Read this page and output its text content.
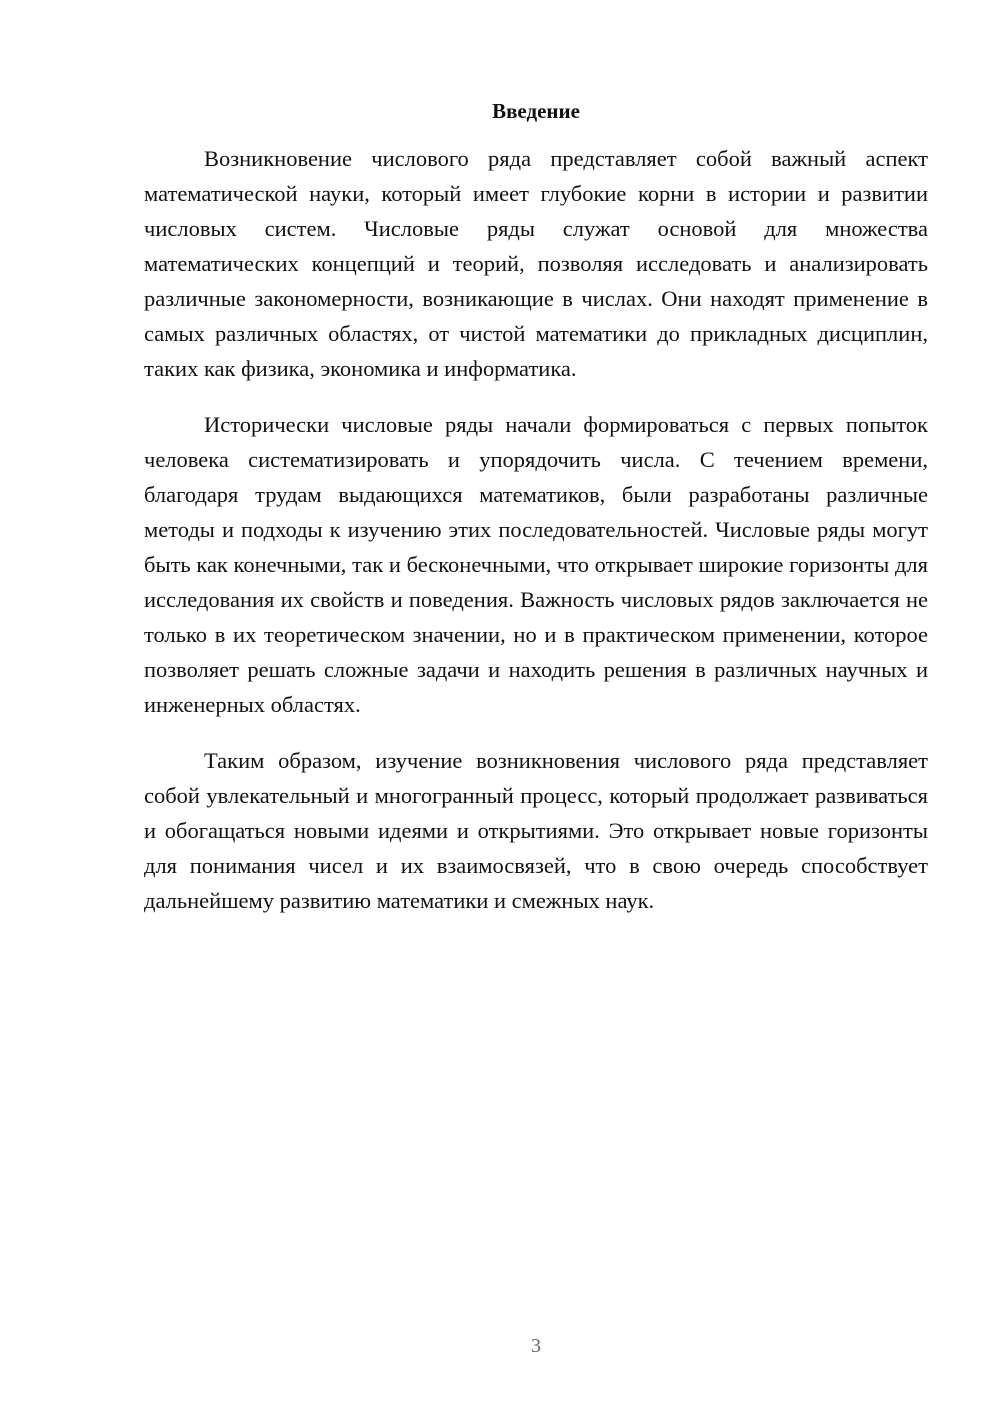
Введение

Возникновение числового ряда представляет собой важный аспект математической науки, который имеет глубокие корни в истории и развитии числовых систем. Числовые ряды служат основой для множества математических концепций и теорий, позволяя исследовать и анализировать различные закономерности, возникающие в числах. Они находят применение в самых различных областях, от чистой математики до прикладных дисциплин, таких как физика, экономика и информатика.

Исторически числовые ряды начали формироваться с первых попыток человека систематизировать и упорядочить числа. С течением времени, благодаря трудам выдающихся математиков, были разработаны различные методы и подходы к изучению этих последовательностей. Числовые ряды могут быть как конечными, так и бесконечными, что открывает широкие горизонты для исследования их свойств и поведения. Важность числовых рядов заключается не только в их теоретическом значении, но и в практическом применении, которое позволяет решать сложные задачи и находить решения в различных научных и инженерных областях.

Таким образом, изучение возникновения числового ряда представляет собой увлекательный и многогранный процесс, который продолжает развиваться и обогащаться новыми идеями и открытиями. Это открывает новые горизонты для понимания чисел и их взаимосвязей, что в свою очередь способствует дальнейшему развитию математики и смежных наук.

3
